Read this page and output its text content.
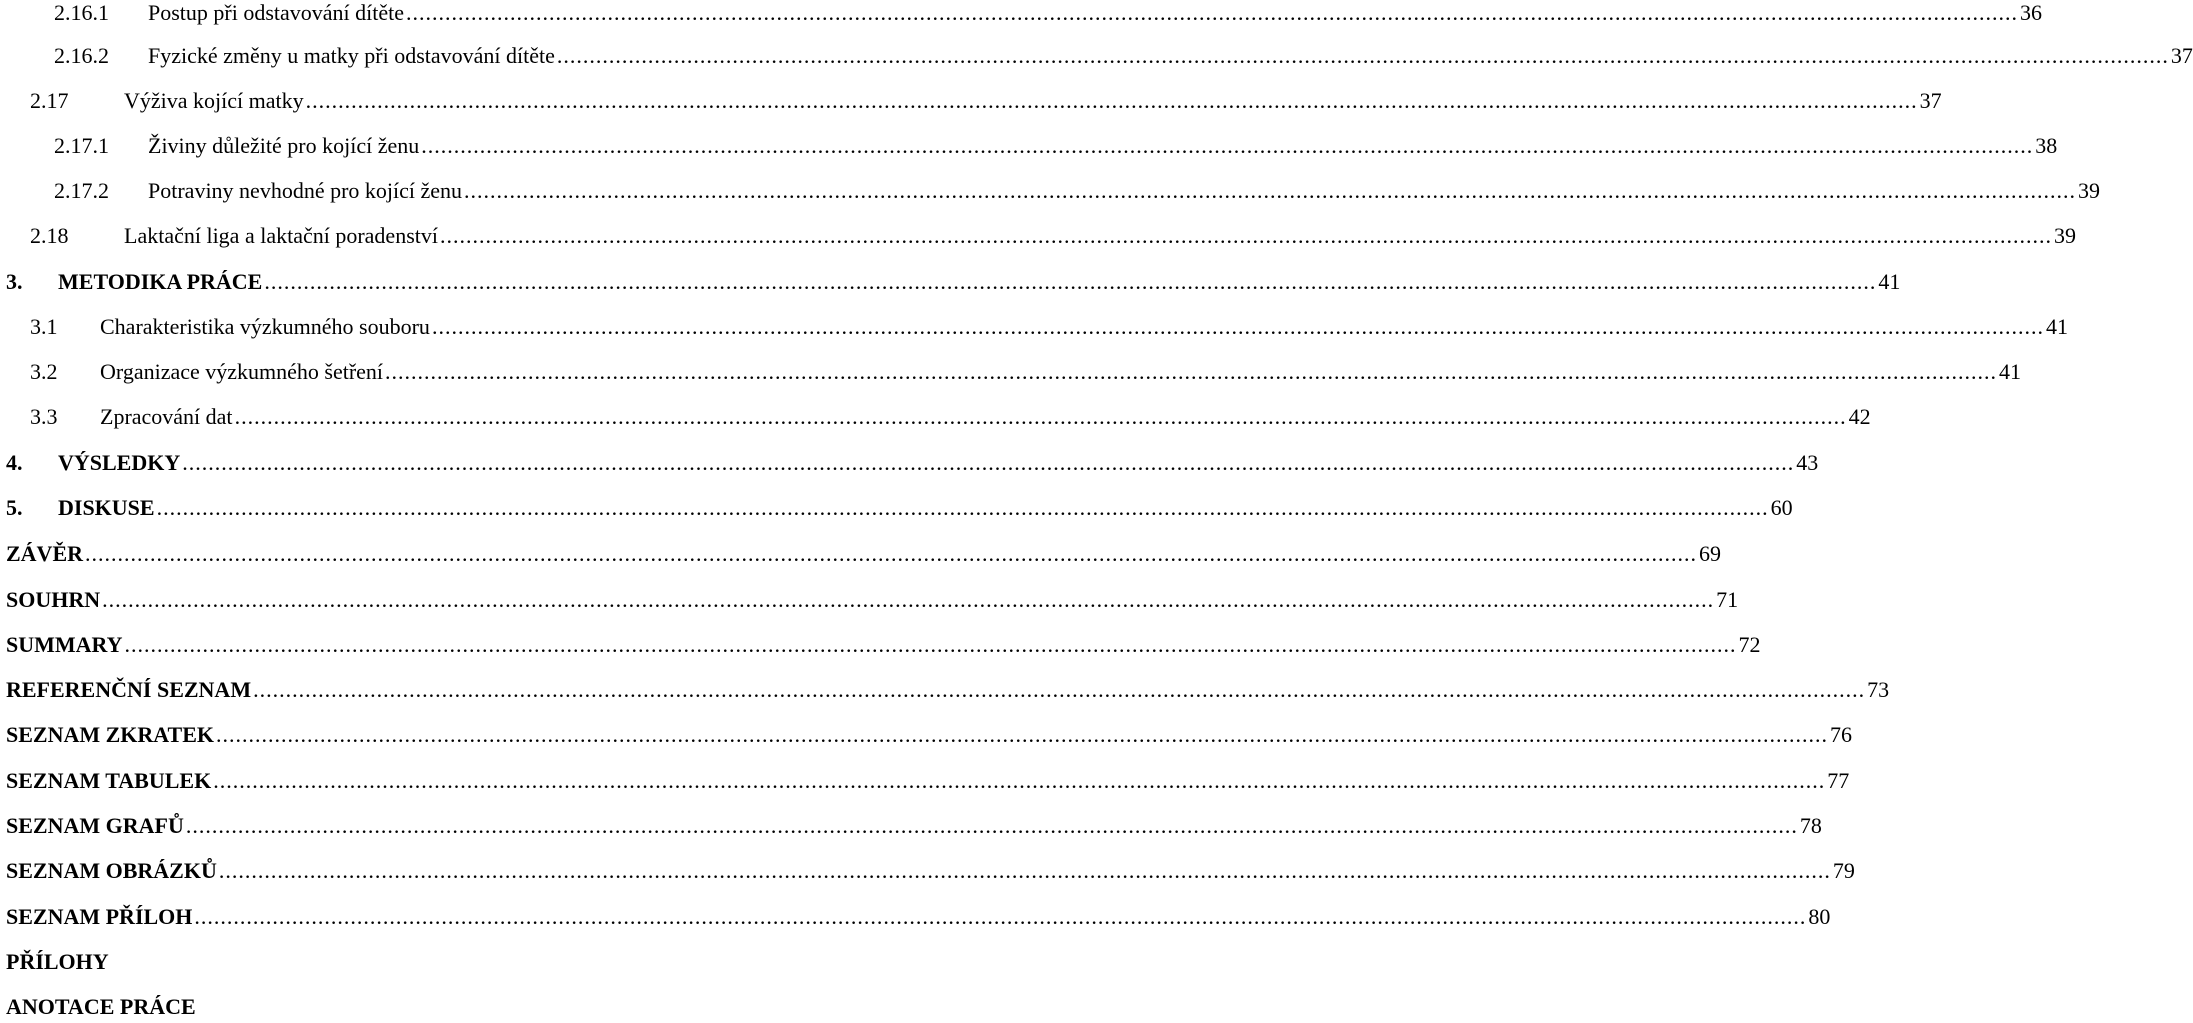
2.16.1	Postup při odstavování dítěte .....	36
2.16.2	Fyzické změny u matky při odstavování dítěte .....	37
2.17	Výživa kojící matky .....	37
2.17.1	Živiny důležité pro kojící ženu .....	38
2.17.2	Potraviny nevhodné pro kojící ženu .....	39
2.18	Laktační liga a laktační poradenství .....	39
3.	METODIKA PRÁCE .....	41
3.1	Charakteristika výzkumného souboru .....	41
3.2	Organizace výzkumného šetření .....	41
3.3	Zpracování dat .....	42
4.	VÝSLEDKY .....	43
5.	DISKUSE .....	60
ZÁVĚR .....	69
SOUHRN .....	71
SUMMARY .....	72
REFERENČNÍ SEZNAM .....	73
SEZNAM ZKRATEK .....	76
SEZNAM TABULEK .....	77
SEZNAM GRAFŮ .....	78
SEZNAM OBRÁZKŮ .....	79
SEZNAM PŘÍLOH .....	80
PŘÍLOHY
ANOTACE PRÁCE
